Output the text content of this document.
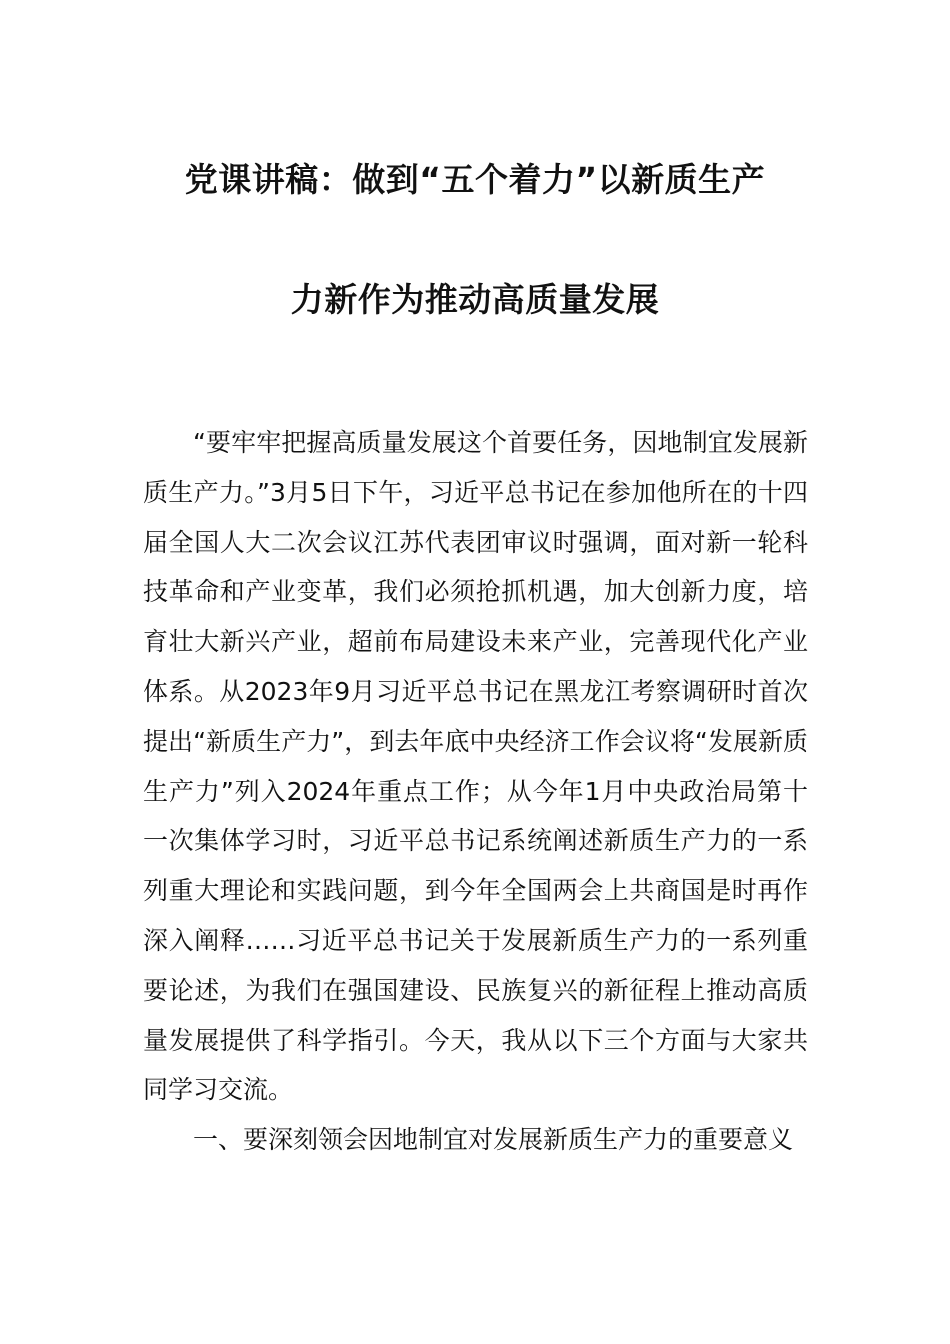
党课讲稿：做到“五个着力”以新质生产
力新作为推动高质量发展

“要牢牢把握高质量发展这个首要任务，因地制宜发展新质生产力。”3月5日下午，习近平总书记在参加他所在的十四届全国人大二次会议江苏代表团审议时强调，面对新一轮科技革命和产业变革，我们必须抢抓机遇，加大创新力度，培育壮大新兴产业，超前布局建设未来产业，完善现代化产业体系。从2023年9月习近平总书记在黑龙江考察调研时首次提出“新质生产力”，到去年底中央经济工作会议将“发展新质生产力”列入2024年重点工作；从今年1月中央政治局第十一次集体学习时，习近平总书记系统阐述新质生产力的一系列重大理论和实践问题，到今年全国两会上共商国是时再作深入阐释……习近平总书记关于发展新质生产力的一系列重要论述，为我们在强国建设、民族复兴的新征程上推动高质量发展提供了科学指引。今天，我从以下三个方面与大家共同学习交流。

一、要深刻领会因地制宜对发展新质生产力的重要意义
